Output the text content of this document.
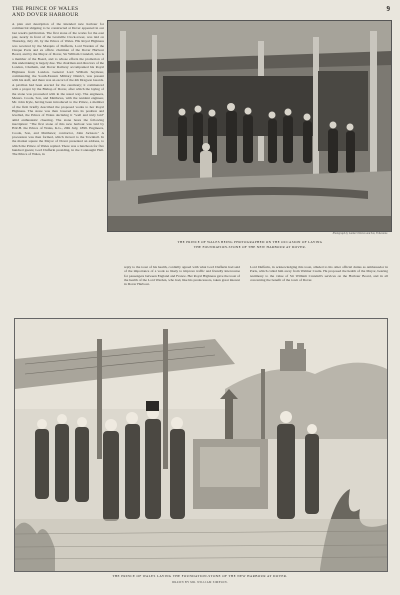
THE PRINCE OF WALES
AND DOVER HARBOUR
9
A plan and description of the intended new harbour for commercial shipping to be constructed at Dover appeared in our last week's publication. The first stone of the works for the east pier, nearly in front of the Granville Clock-tower, was laid on Thursday, July 20, by the Prince of Wales. His Royal Highness was received by the Marquis of Dufferin, Lord Warden of the Cinque Ports and ex officio chairman of the Dover Harbour Board, and by the Mayor of Dover, Sir William Crundall, who is a member of the Board, and to whose efforts the promotion of this undertaking is largely due. The chairman and directors of the London, Chatham, and Dover Railway accompanied his Royal Highness from London. General Lord William Seymour, commanding the South-Eastern Military District, was present with his staff, and there was an escort of the 4th Dragoon Guards. A pavilion had been erected for the ceremony; it commenced with a prayer by the Bishop of Dover, after which the laying of the stone was proceeded with in the usual way. The engineers, Messrs. Coode, Son, and Matthews, with the resident engineer, Mr. John Kyle, having been introduced to the Prince, a member of the firm briefly described the proposed works to her Royal Highness. The stone was then lowered into its position and levelled, the Prince of Wales declaring it "well and truly laid" amid enthusiastic cheering. The stone bears the following inscription: "The first stone of this new harbour was laid by H.R.H. the Prince of Wales, K.G., 20th July, 1899. Engineers, Coode, Son, and Matthews; contractor, John Jackson." A procession was then formed, which moved to the Townhall. In the market square the Mayor of Dover presented an address, to which the Prince of Wales replied. There was a luncheon for five hundred guests; Lord Dufferin presiding, in the Connaught Hall. The Prince of Wales, in
Photograph by Lambert Weston and Son, Folkestone.
THE PRINCE OF WALES BEING PHOTOGRAPHED ON THE OCCASION OF LAYING
THE FOUNDATION-STONE OF THE NEW HARBOUR AT DOVER.
reply to the toast of his health, cordially agreed with what Lord Dufferin had said of the importance of a work so likely to improve traffic and friendly intercourse for passengers between England and France. Her Royal Highness gave the toast of the health of the Lord Warden, who had, like his predecessors, taken great interest in Dover Harbour.
Lord Dufferin, in acknowledging this toast, alluded to his other official duties as Ambassador in Paris, which called him away from Walmer Castle. He proposed the health of the Mayor, bearing testimony to the value of Sir William Crundall's services on the Harbour Board, and in all concerning the benefit of the town of Dover.
THE PRINCE OF WALES LAYING THE FOUNDATION-STONE OF THE NEW HARBOUR AT DOVER.
DRAWN BY MR. WILLIAM SIMPSON.
